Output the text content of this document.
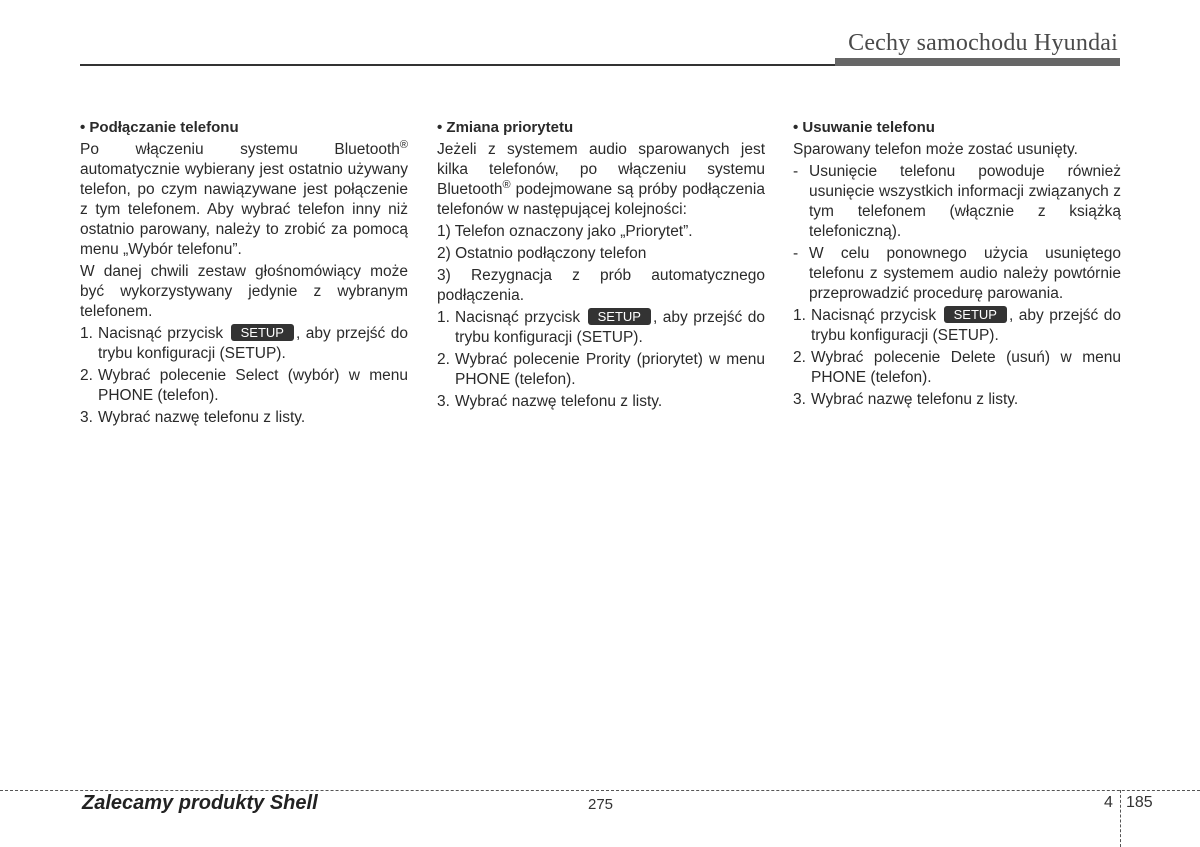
Cechy samochodu Hyundai
• Podłączanie telefonu
Po włączeniu systemu Bluetooth® automatycznie wybierany jest ostatnio używany telefon, po czym nawiązywane jest połączenie z tym telefonem. Aby wybrać telefon inny niż ostatnio parowany, należy to zrobić za pomocą menu „Wybór telefonu”.
W danej chwili zestaw głośnomówiący może być wykorzystywany jedynie z wybranym telefonem.
1. Nacisnąć przycisk SETUP , aby przejść do trybu konfiguracji (SETUP).
2. Wybrać polecenie Select (wybór) w menu PHONE (telefon).
3. Wybrać nazwę telefonu z listy.
• Zmiana priorytetu
Jeżeli z systemem audio sparowanych jest kilka telefonów, po włączeniu systemu Bluetooth® podejmowane są próby podłączenia telefonów w następującej kolejności:
1) Telefon oznaczony jako „Priorytet”.
2) Ostatnio podłączony telefon
3) Rezygnacja z prób automatycznego podłączenia.
1. Nacisnąć przycisk SETUP , aby przejść do trybu konfiguracji (SETUP).
2. Wybrać polecenie Prority (priorytet) w menu PHONE (telefon).
3. Wybrać nazwę telefonu z listy.
• Usuwanie telefonu
Sparowany telefon może zostać usunięty.
- Usunięcie telefonu powoduje również usunięcie wszystkich informacji związanych z tym telefonem (włącznie z książką telefoniczną).
- W celu ponownego użycia usuniętego telefonu z systemem audio należy powtórnie przeprowadzić procedurę parowania.
1. Nacisnąć przycisk SETUP , aby przejść do trybu konfiguracji (SETUP).
2. Wybrać polecenie Delete (usuń) w menu PHONE (telefon).
3. Wybrać nazwę telefonu z listy.
Zalecamy produkty Shell	275	4 185
